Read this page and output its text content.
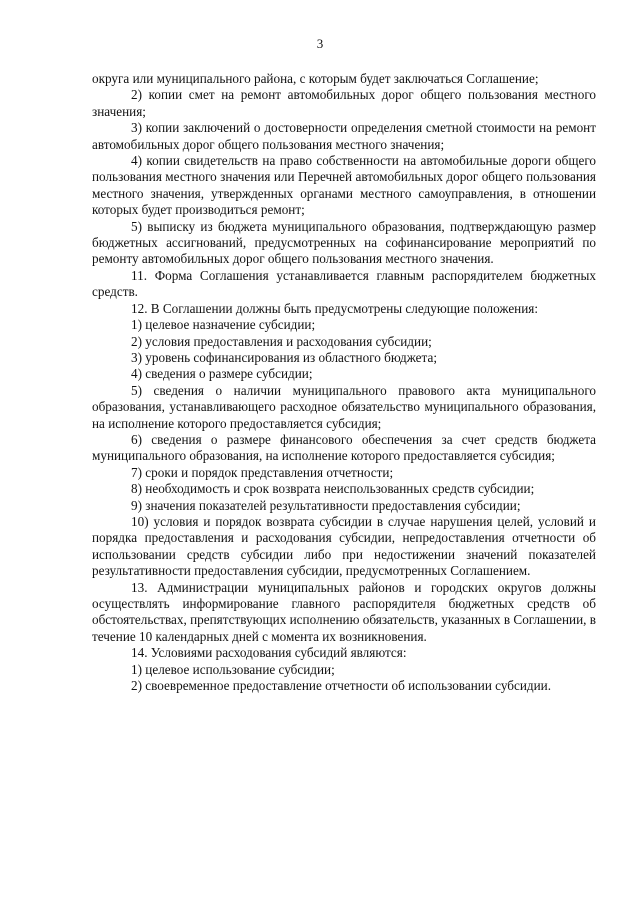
3

округа или муниципального района, с которым будет заключаться Соглашение;

2) копии смет на ремонт автомобильных дорог общего пользования местного значения;

3) копии заключений о достоверности определения сметной стоимости на ремонт автомобильных дорог общего пользования местного значения;

4) копии свидетельств на право собственности на автомобильные дороги общего пользования местного значения или Перечней автомобильных дорог общего пользования местного значения, утвержденных органами местного самоуправления, в отношении которых будет производиться ремонт;

5) выписку из бюджета муниципального образования, подтверждающую размер бюджетных ассигнований, предусмотренных на софинансирование мероприятий по ремонту автомобильных дорог общего пользования местного значения.

11. Форма Соглашения устанавливается главным распорядителем бюджетных средств.

12. В Соглашении должны быть предусмотрены следующие положения:

1) целевое назначение субсидии;

2) условия предоставления и расходования субсидии;

3) уровень софинансирования из областного бюджета;

4) сведения о размере субсидии;

5) сведения о наличии муниципального правового акта муниципального образования, устанавливающего расходное обязательство муниципального образования, на исполнение которого предоставляется субсидия;

6) сведения о размере финансового обеспечения за счет средств бюджета муниципального образования, на исполнение которого предоставляется субсидия;

7) сроки и порядок представления отчетности;

8) необходимость и срок возврата неиспользованных средств субсидии;

9) значения показателей результативности предоставления субсидии;

10) условия и порядок возврата субсидии в случае нарушения целей, условий и порядка предоставления и расходования субсидии, непредоставления отчетности об использовании средств субсидии либо при недостижении значений показателей результативности предоставления субсидии, предусмотренных Соглашением.

13. Администрации муниципальных районов и городских округов должны осуществлять информирование главного распорядителя бюджетных средств об обстоятельствах, препятствующих исполнению обязательств, указанных в Соглашении, в течение 10 календарных дней с момента их возникновения.

14. Условиями расходования субсидий являются:

1) целевое использование субсидии;

2) своевременное предоставление отчетности об использовании субсидии.
